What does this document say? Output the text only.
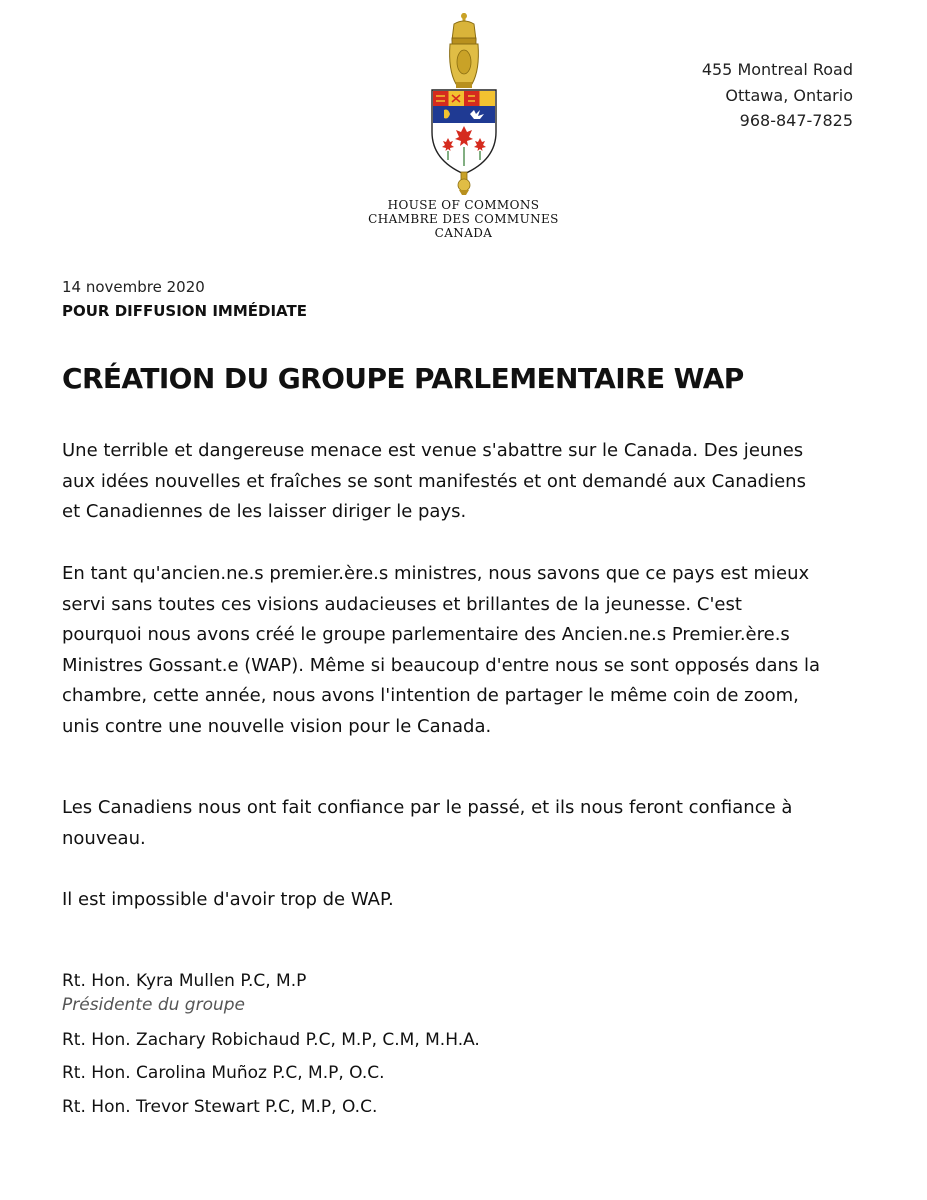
HOUSE OF COMMONS
CHAMBRE DES COMMUNES
CANADA
455 Montreal Road
Ottawa, Ontario
968-847-7825
14 novembre 2020
POUR DIFFUSION IMMÉDIATE
CRÉATION DU GROUPE PARLEMENTAIRE WAP

Une terrible et dangereuse menace est venue s'abattre sur le Canada. Des jeunes aux idées nouvelles et fraîches se sont manifestés et ont demandé aux Canadiens et Canadiennes de les laisser diriger le pays.

En tant qu'ancien.ne.s premier.ère.s ministres, nous savons que ce pays est mieux servi sans toutes ces visions audacieuses et brillantes de la jeunesse. C'est pourquoi nous avons créé le groupe parlementaire des Ancien.ne.s Premier.ère.s Ministres Gossant.e (WAP). Même si beaucoup d'entre nous se sont opposés dans la chambre, cette année, nous avons l'intention de partager le même coin de zoom, unis contre une nouvelle vision pour le Canada.

Les Canadiens nous ont fait confiance par le passé, et ils nous feront confiance à nouveau.

Il est impossible d'avoir trop de WAP.

Rt. Hon. Kyra Mullen P.C, M.P
Présidente du groupe
Rt. Hon. Zachary Robichaud P.C, M.P, C.M, M.H.A.
Rt. Hon. Carolina Muñoz P.C, M.P, O.C.
Rt. Hon. Trevor Stewart P.C, M.P, O.C.
